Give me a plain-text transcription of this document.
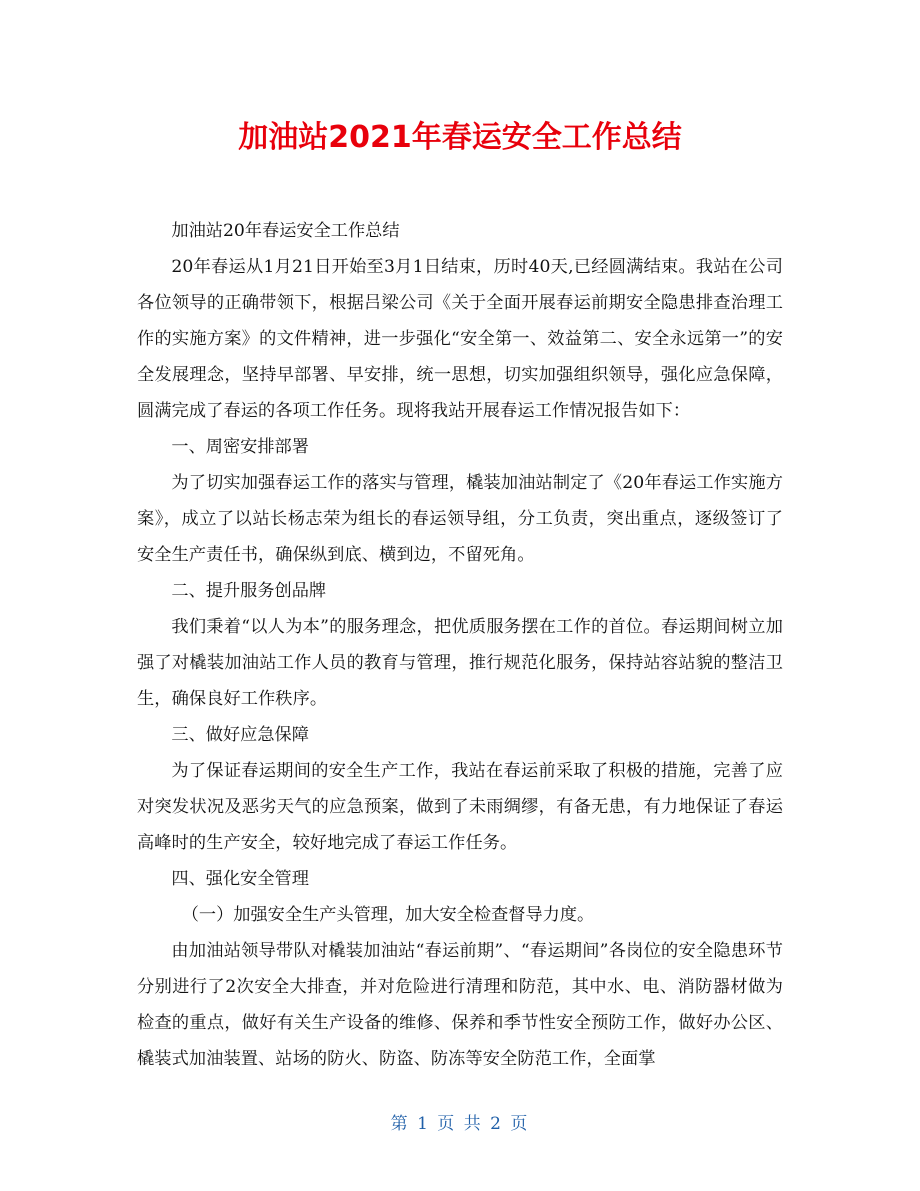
加油站2021年春运安全工作总结

加油站20年春运安全工作总结

20年春运从1月21日开始至3月1日结束，历时40天,已经圆满结束。我站在公司各位领导的正确带领下，根据吕梁公司《关于全面开展春运前期安全隐患排查治理工作的实施方案》的文件精神，进一步强化“安全第一、效益第二、安全永远第一”的安全发展理念，坚持早部署、早安排，统一思想，切实加强组织领导，强化应急保障，圆满完成了春运的各项工作任务。现将我站开展春运工作情况报告如下：

一、周密安排部署

为了切实加强春运工作的落实与管理，橇装加油站制定了《20年春运工作实施方案》，成立了以站长杨志荣为组长的春运领导组，分工负责，突出重点，逐级签订了安全生产责任书，确保纵到底、横到边，不留死角。

二、提升服务创品牌

我们秉着“以人为本”的服务理念，把优质服务摆在工作的首位。春运期间树立加强了对橇装加油站工作人员的教育与管理，推行规范化服务，保持站容站貌的整洁卫生，确保良好工作秩序。

三、做好应急保障

为了保证春运期间的安全生产工作，我站在春运前采取了积极的措施，完善了应对突发状况及恶劣天气的应急预案，做到了未雨绸缪，有备无患，有力地保证了春运高峰时的生产安全，较好地完成了春运工作任务。

四、强化安全管理

（一）加强安全生产头管理，加大安全检查督导力度。

由加油站领导带队对橇装加油站“春运前期”、“春运期间”各岗位的安全隐患环节分别进行了2次安全大排查，并对危险进行清理和防范，其中水、电、消防器材做为检查的重点，做好有关生产设备的维修、保养和季节性安全预防工作，做好办公区、橇装式加油装置、站场的防火、防盗、防冻等安全防范工作，全面掌

第 1 页 共 2 页
